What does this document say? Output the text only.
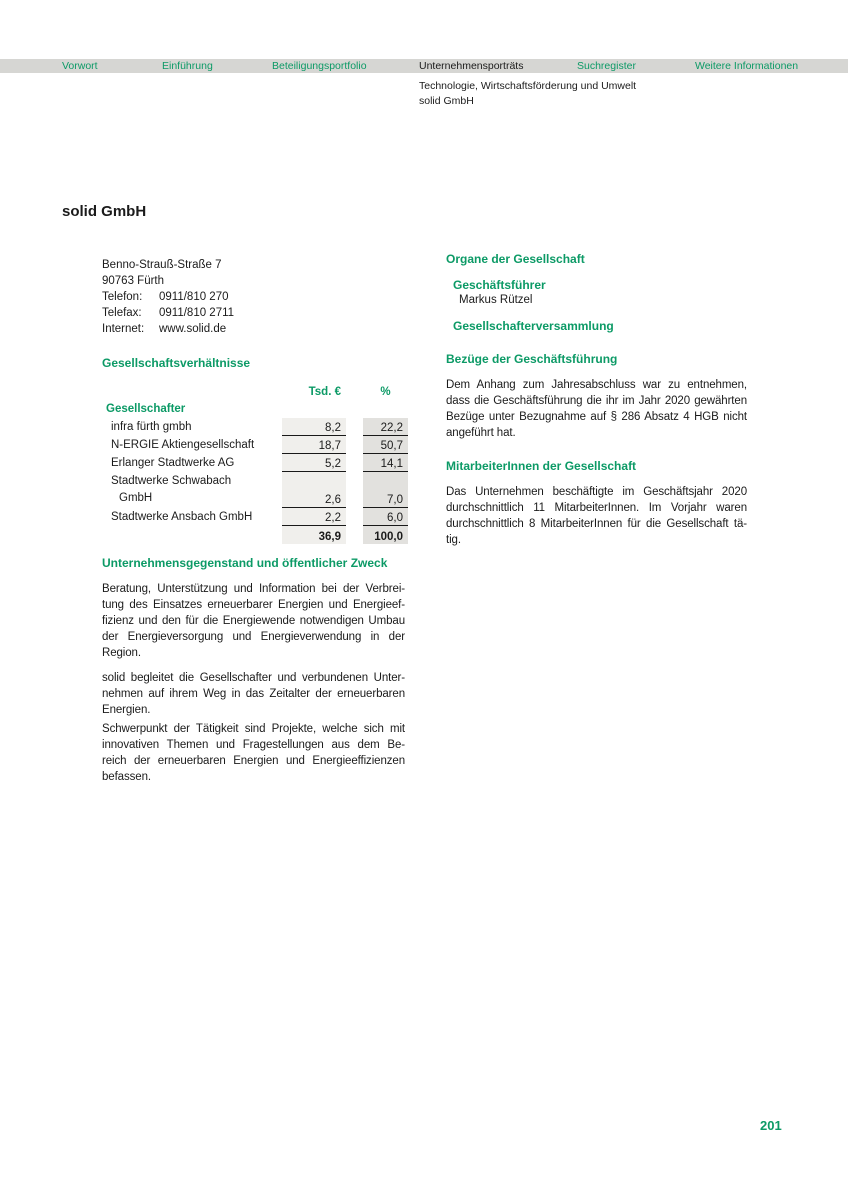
Vorwort	Einführung	Beteiligungsportfolio	Unternehmensporträts	Suchregister	Weitere Informationen
Technologie, Wirtschaftsförderung und Umwelt
solid GmbH
solid GmbH
Benno-Strauß-Straße 7
90763 Fürth
Telefon: 0911/810 270
Telefax: 0911/810 2711
Internet: www.solid.de
Gesellschaftsverhältnisse
Tsd. €	%
Gesellschafter
infra fürth gmbh	8,2	22,2
N-ERGIE Aktiengesellschaft	18,7	50,7
Erlanger Stadtwerke AG	5,2	14,1
Stadtwerke Schwabach
GmbH	2,6	7,0
Stadtwerke Ansbach GmbH	2,2	6,0
36,9	100,0
Unternehmensgegenstand und öffentlicher Zweck
Beratung, Unterstützung und Information bei der Verbrei-
tung des Einsatzes erneuerbarer Energien und Energieef-
fizienz und den für die Energiewende notwendigen Umbau
der Energieversorgung und Energieverwendung in der
Region.
solid begleitet die Gesellschafter und verbundenen Unter-
nehmen auf ihrem Weg in das Zeitalter der erneuerbaren
Energien.
Schwerpunkt der Tätigkeit sind Projekte, welche sich mit
innovativen Themen und Fragestellungen aus dem Be-
reich der erneuerbaren Energien und Energieeffizienzen
befassen.
Organe der Gesellschaft
Geschäftsführer
Markus Rützel
Gesellschafterversammlung
Bezüge der Geschäftsführung
Dem Anhang zum Jahresabschluss war zu entnehmen,
dass die Geschäftsführung die ihr im Jahr 2020 gewährten
Bezüge unter Bezugnahme auf § 286 Absatz 4 HGB nicht
angeführt hat.
MitarbeiterInnen der Gesellschaft
Das Unternehmen beschäftigte im Geschäftsjahr 2020
durchschnittlich 11 MitarbeiterInnen. Im Vorjahr waren
durchschnittlich 8 MitarbeiterInnen für die Gesellschaft tä-
tig.
201
